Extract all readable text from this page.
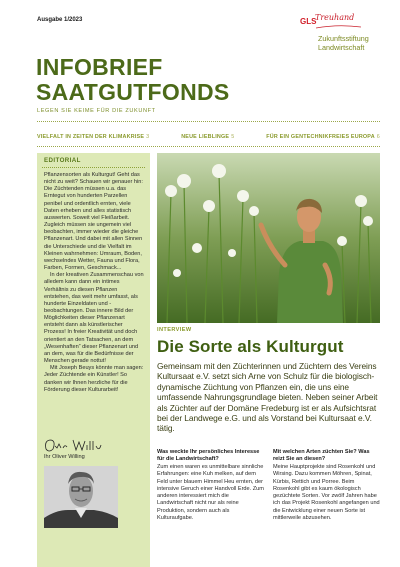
Ausgabe 1/2023	GLS
Treuhand
Zukunftsstiftung
Landwirtschaft
INFOBRIEF
SAATGUTFONDS
LEGEN SIE KEIME FÜR DIE ZUKUNFT
VIELFALT IN ZEITEN DER KLIMAKRISE 3	NEUE LIEBLINGE 5	FÜR EIN GENTECHNIKFREIES EUROPA 6
EDITORIAL

Pflanzensorten als Kulturgut! Geht das nicht zu weit? Schauen wir genauer hin: Die Züchtenden müssen u.a. das Erntegut von hunderten Parzellen penibel und ordentlich ernten, viele Daten erheben und alles statistisch auswerten. Soweit viel Fleißarbeit. Zugleich müssen sie ungemein viel beobachten, immer wieder die gleiche Pflanzenart. Und dabei mit allen Sinnen die Unterschiede und die Vielfalt im Kleinen wahrnehmen: Umraum, Boden, wechselndes Wetter, Fauna und Flora, Farben, Formen, Geschmack...

In der kreativen Zusammenschau von alledem kann dann ein intimes Verhältnis zu diesen Pflanzen entstehen, das weit mehr umfasst, als hunderte Einzeldaten und -beobachtungen. Das innere Bild der Möglichkeiten dieser Pflanzenart entsteht dann als künstlerischer Prozess! In freier Kreativität und doch orientiert an den Tatsachen, an dem „Wesenhaften“ dieser Pflanzenart und an dem, was für die Bedürfnisse der Menschen gerade nottut!

Mit Joseph Beuys könnte man sagen: Jeder Züchtende ein Künstler! So danken wir Ihnen herzliche für die Förderung dieser Kulturarbeit!

Ihr Oliver Willing
INTERVIEW
Die Sorte als Kulturgut
Gemeinsam mit den Züchterinnen und Züchtern des Vereins Kultursaat e.V. setzt sich Arne von Schulz für die biologisch-dynamische Züchtung von Pflanzen ein, die uns eine umfassende Nahrungsgrundlage bieten. Neben seiner Arbeit als Züchter auf der Domäne Fredeburg ist er als Aufsichtsrat bei der Landwege e.G. und als Vorstand bei Kultursaat e.V. tätig.
Was weckte Ihr persönliches Interesse für die Landwirtschaft?
Zum einen waren es unmittelbare sinnliche Erfahrungen: eine Kuh melken, auf dem Feld unter blauem Himmel Heu ernten, der intensive Geruch einer Handvoll Erde. Zum anderen interessiert mich die Landwirtschaft nicht nur als reine Produktion, sondern auch als Kulturaufgabe.
Mit welchen Arten züchten Sie? Was reizt Sie an diesen?
Meine Hauptprojekte sind Rosenkohl und Wirsing. Dazu kommen Möhren, Spinat, Kürbis, Rettich und Porree. Beim Rosenkohl gibt es kaum ökologisch gezüchtete Sorten. Vor zwölf Jahren habe ich das Projekt Rosenkohl angefangen und die Entwicklung einer neuen Sorte ist mittlerweile abzusehen.
